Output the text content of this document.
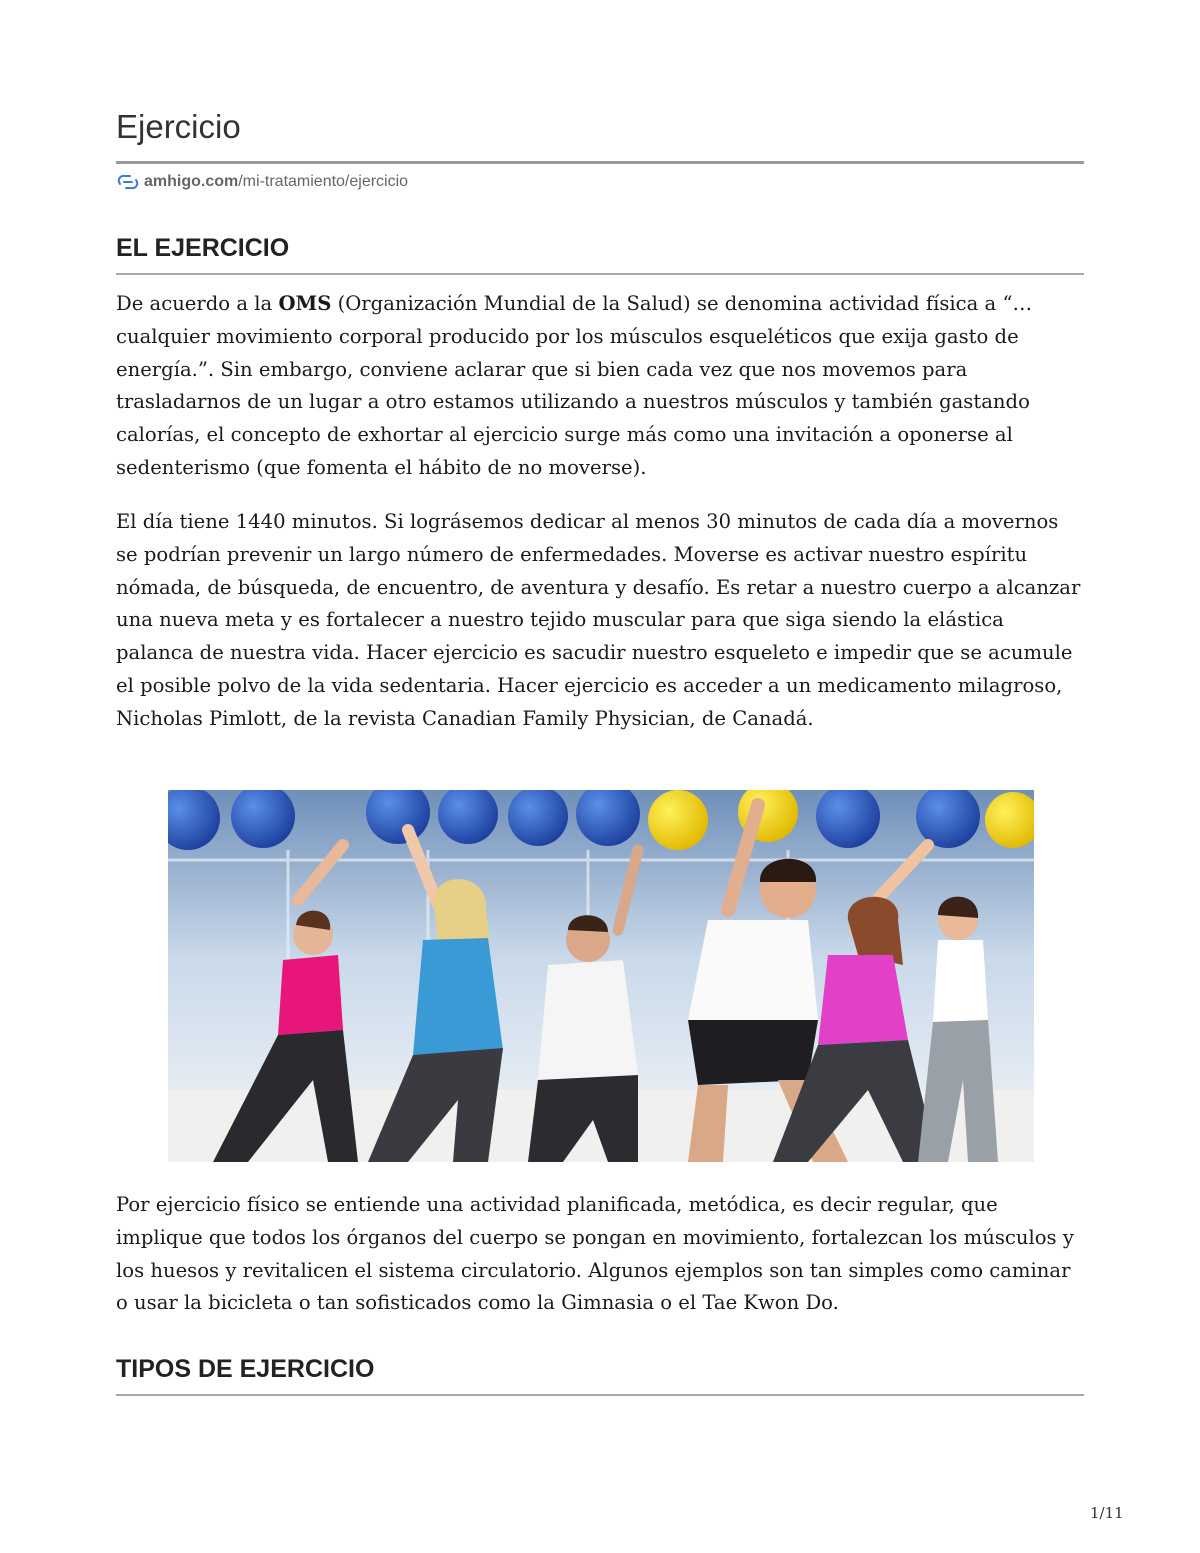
Ejercicio
amhigo.com /mi-tratamiento/ejercicio
EL EJERCICIO

De acuerdo a la OMS (Organización Mundial de la Salud) se denomina actividad física a “… cualquier movimiento corporal producido por los músculos esqueléticos que exija gasto de energía.”. Sin embargo, conviene aclarar que si bien cada vez que nos movemos para trasladarnos de un lugar a otro estamos utilizando a nuestros músculos y también gastando calorías, el concepto de exhortar al ejercicio surge más como una invitación a oponerse al sedenterismo (que fomenta el hábito de no moverse).

El día tiene 1440 minutos. Si lográsemos dedicar al menos 30 minutos de cada día a movernos se podrían prevenir un largo número de enfermedades. Moverse es activar nuestro espíritu nómada, de búsqueda, de encuentro, de aventura y desafío. Es retar a nuestro cuerpo a alcanzar una nueva meta y es fortalecer a nuestro tejido muscular para que siga siendo la elástica palanca de nuestra vida. Hacer ejercicio es sacudir nuestro esqueleto e impedir que se acumule el posible polvo de la vida sedentaria. Hacer ejercicio es acceder a un medicamento milagroso, Nicholas Pimlott, de la revista Canadian Family Physician, de Canadá.

Por ejercicio físico se entiende una actividad planificada, metódica, es decir regular, que implique que todos los órganos del cuerpo se pongan en movimiento, fortalezcan los músculos y los huesos y revitalicen el sistema circulatorio. Algunos ejemplos son tan simples como caminar o usar la bicicleta o tan sofisticados como la Gimnasia o el Tae Kwon Do.

TIPOS DE EJERCICIO
1/11
